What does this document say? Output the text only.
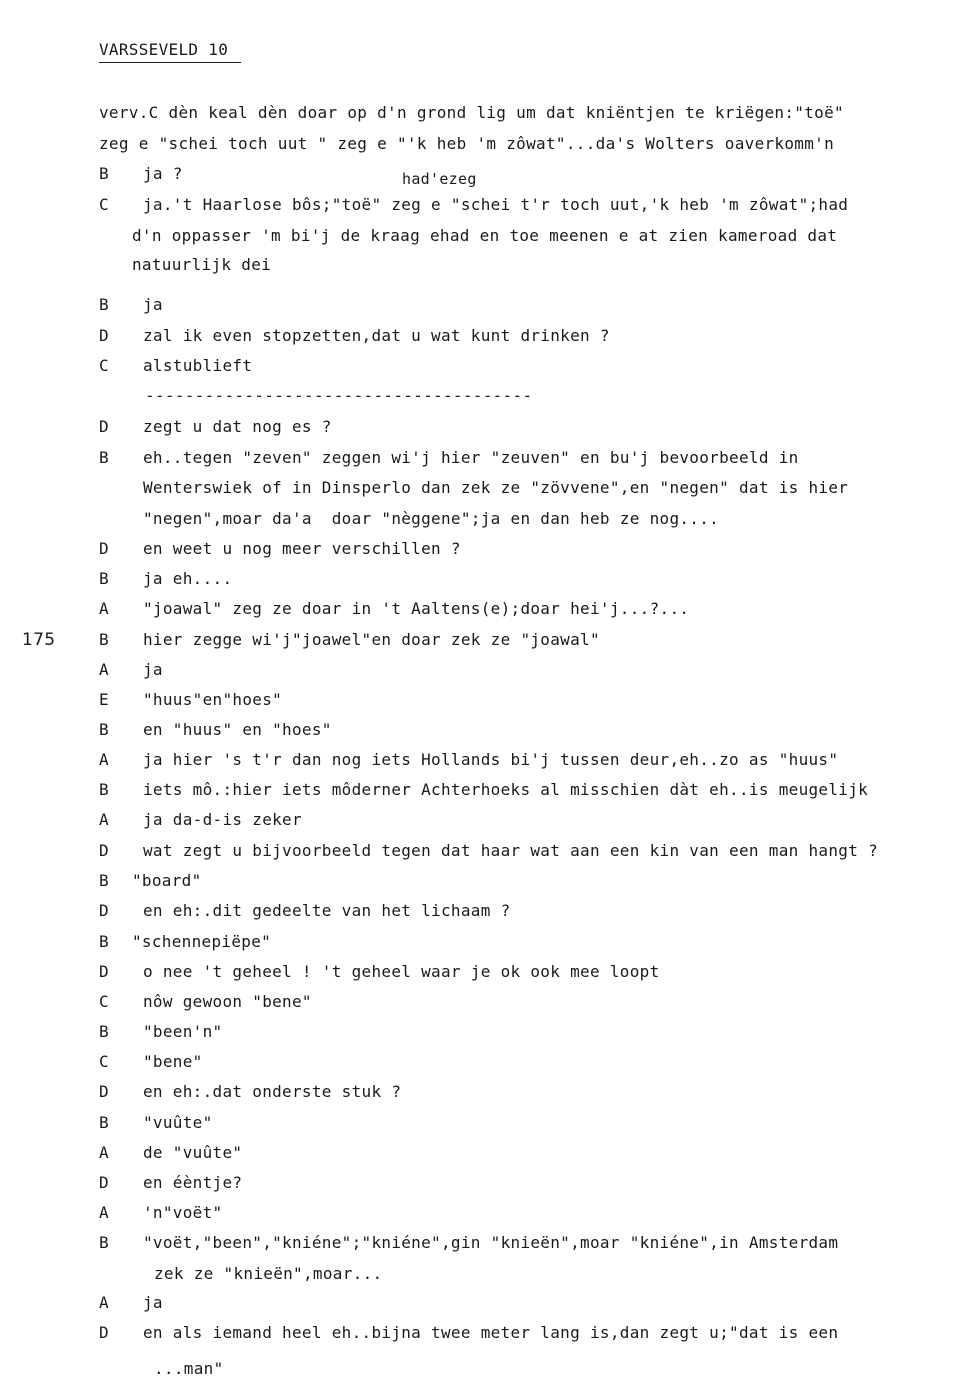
VARSSEVELD 10
175
had'ezeg
verv.C dèn keal dèn doar op d'n grond lig um dat kniëntjen te kriëgen:"toë"
zeg e "schei toch uut " zeg e "'k heb 'm zôwat"...da's Wolters oaverkomm'n
B ja ?
C ja.'t Haarlose bôs;"toë" zeg e "schei t'r toch uut,'k heb 'm zôwat";had
d'n oppasser 'm bi'j de kraag ehad en toe meenen e at zien kameroad dat
natuurlijk dei
B ja
D zal ik even stopzetten,dat u wat kunt drinken ?
C alstublieft
---------------------------------------
D zegt u dat nog es ?
B eh..tegen "zeven" zeggen wi'j hier "zeuven" en bu'j bevoorbeeld in
Wenterswiek of in Dinsperlo dan zek ze "zövvene",en "negen" dat is hier
"negen",moar da'a  doar "nèggene";ja en dan heb ze nog....
D en weet u nog meer verschillen ?
B ja eh....
A "joawal" zeg ze doar in 't Aaltens(e);doar hei'j...?...
B hier zegge wi'j"joawel"en doar zek ze "joawal"
A ja
E "huus"en"hoes"
B en "huus" en "hoes"
A ja hier 's t'r dan nog iets Hollands bi'j tussen deur,eh..zo as "huus"
B iets mô.:hier iets môderner Achterhoeks al misschien dàt eh..is meugelijk
A ja da-d-is zeker
D wat zegt u bijvoorbeeld tegen dat haar wat aan een kin van een man hangt ?
B "board"
D en eh:.dit gedeelte van het lichaam ?
B "schennepiëpe"
D o nee 't geheel ! 't geheel waar je ok ook mee loopt
C nôw gewoon "bene"
B "been'n"
C "bene"
D en eh:.dat onderste stuk ?
B "vuûte"
A de "vuûte"
D en éèntje?
A 'n"voët"
B "voët,"been","kniéne";"kniéne",gin "knieën",moar "kniéne",in Amsterdam
zek ze "knieën",moar...
A ja
D en als iemand heel eh..bijna twee meter lang is,dan zegt u;"dat is een
...man"
